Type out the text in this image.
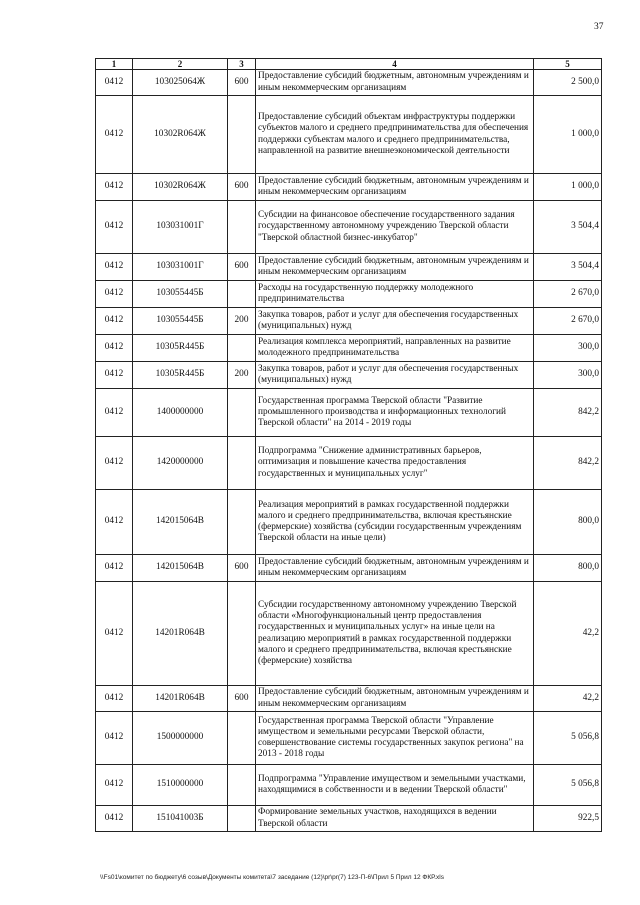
37
1	2	3	4	5
0412	103025064Ж	600	Предоставление субсидий бюджетным, автономным учреждениям и иным некоммерческим организациям	2 500,0
0412	10302R064Ж		Предоставление субсидий объектам инфраструктуры поддержки субъектов малого и среднего предпринимательства для обеспечения поддержки субъектам малого и среднего предпринимательства, направленной на развитие внешнеэкономической деятельности	1 000,0
0412	10302R064Ж	600	Предоставление субсидий бюджетным, автономным учреждениям и иным некоммерческим организациям	1 000,0
0412	103031001Г		Субсидии на финансовое обеспечение государственного задания государственному автономному учреждению Тверской области "Тверской областной бизнес-инкубатор"	3 504,4
0412	103031001Г	600	Предоставление субсидий бюджетным, автономным учреждениям и иным некоммерческим организациям	3 504,4
0412	103055445Б		Расходы на государственную поддержку молодежного предпринимательства	2 670,0
0412	103055445Б	200	Закупка товаров, работ и услуг для обеспечения государственных (муниципальных) нужд	2 670,0
0412	10305R445Б		Реализация комплекса мероприятий, направленных на развитие молодежного предпринимательства	300,0
0412	10305R445Б	200	Закупка товаров, работ и услуг для обеспечения государственных (муниципальных) нужд	300,0
0412	1400000000		Государственная программа Тверской области "Развитие промышленного производства и информационных технологий Тверской области" на 2014 - 2019 годы	842,2
0412	1420000000		Подпрограмма "Снижение административных барьеров, оптимизация и повышение качества предоставления государственных и муниципальных услуг"	842,2
0412	142015064В		Реализация мероприятий в рамках государственной поддержки малого и среднего предпринимательства, включая крестьянские (фермерские) хозяйства (субсидии государственным учреждениям Тверской области на иные цели)	800,0
0412	142015064В	600	Предоставление субсидий бюджетным, автономным учреждениям и иным некоммерческим организациям	800,0
0412	14201R064В		Субсидии государственному автономному учреждению Тверской области «Многофункциональный центр предоставления государственных и муниципальных услуг» на иные цели на реализацию мероприятий в рамках государственной поддержки малого и среднего предпринимательства, включая крестьянские (фермерские) хозяйства	42,2
0412	14201R064В	600	Предоставление субсидий бюджетным, автономным учреждениям и иным некоммерческим организациям	42,2
0412	1500000000		Государственная программа Тверской области "Управление имуществом и земельными ресурсами Тверской области, совершенствование системы государственных закупок региона" на 2013 - 2018 годы	5 056,8
0412	1510000000		Подпрограмма "Управление имуществом и земельными участками, находящимися в собственности и в ведении Тверской области"	5 056,8
0412	151041003Б		Формирование земельных участков, находящихся в ведении Тверской области	922,5
\\Fs01\комитет по бюджету\6 созыв\Документы комитета\7 заседание (12)\pr\pr(7) 123-П-6\Прил 5 Прил 12 ФКР.xls
